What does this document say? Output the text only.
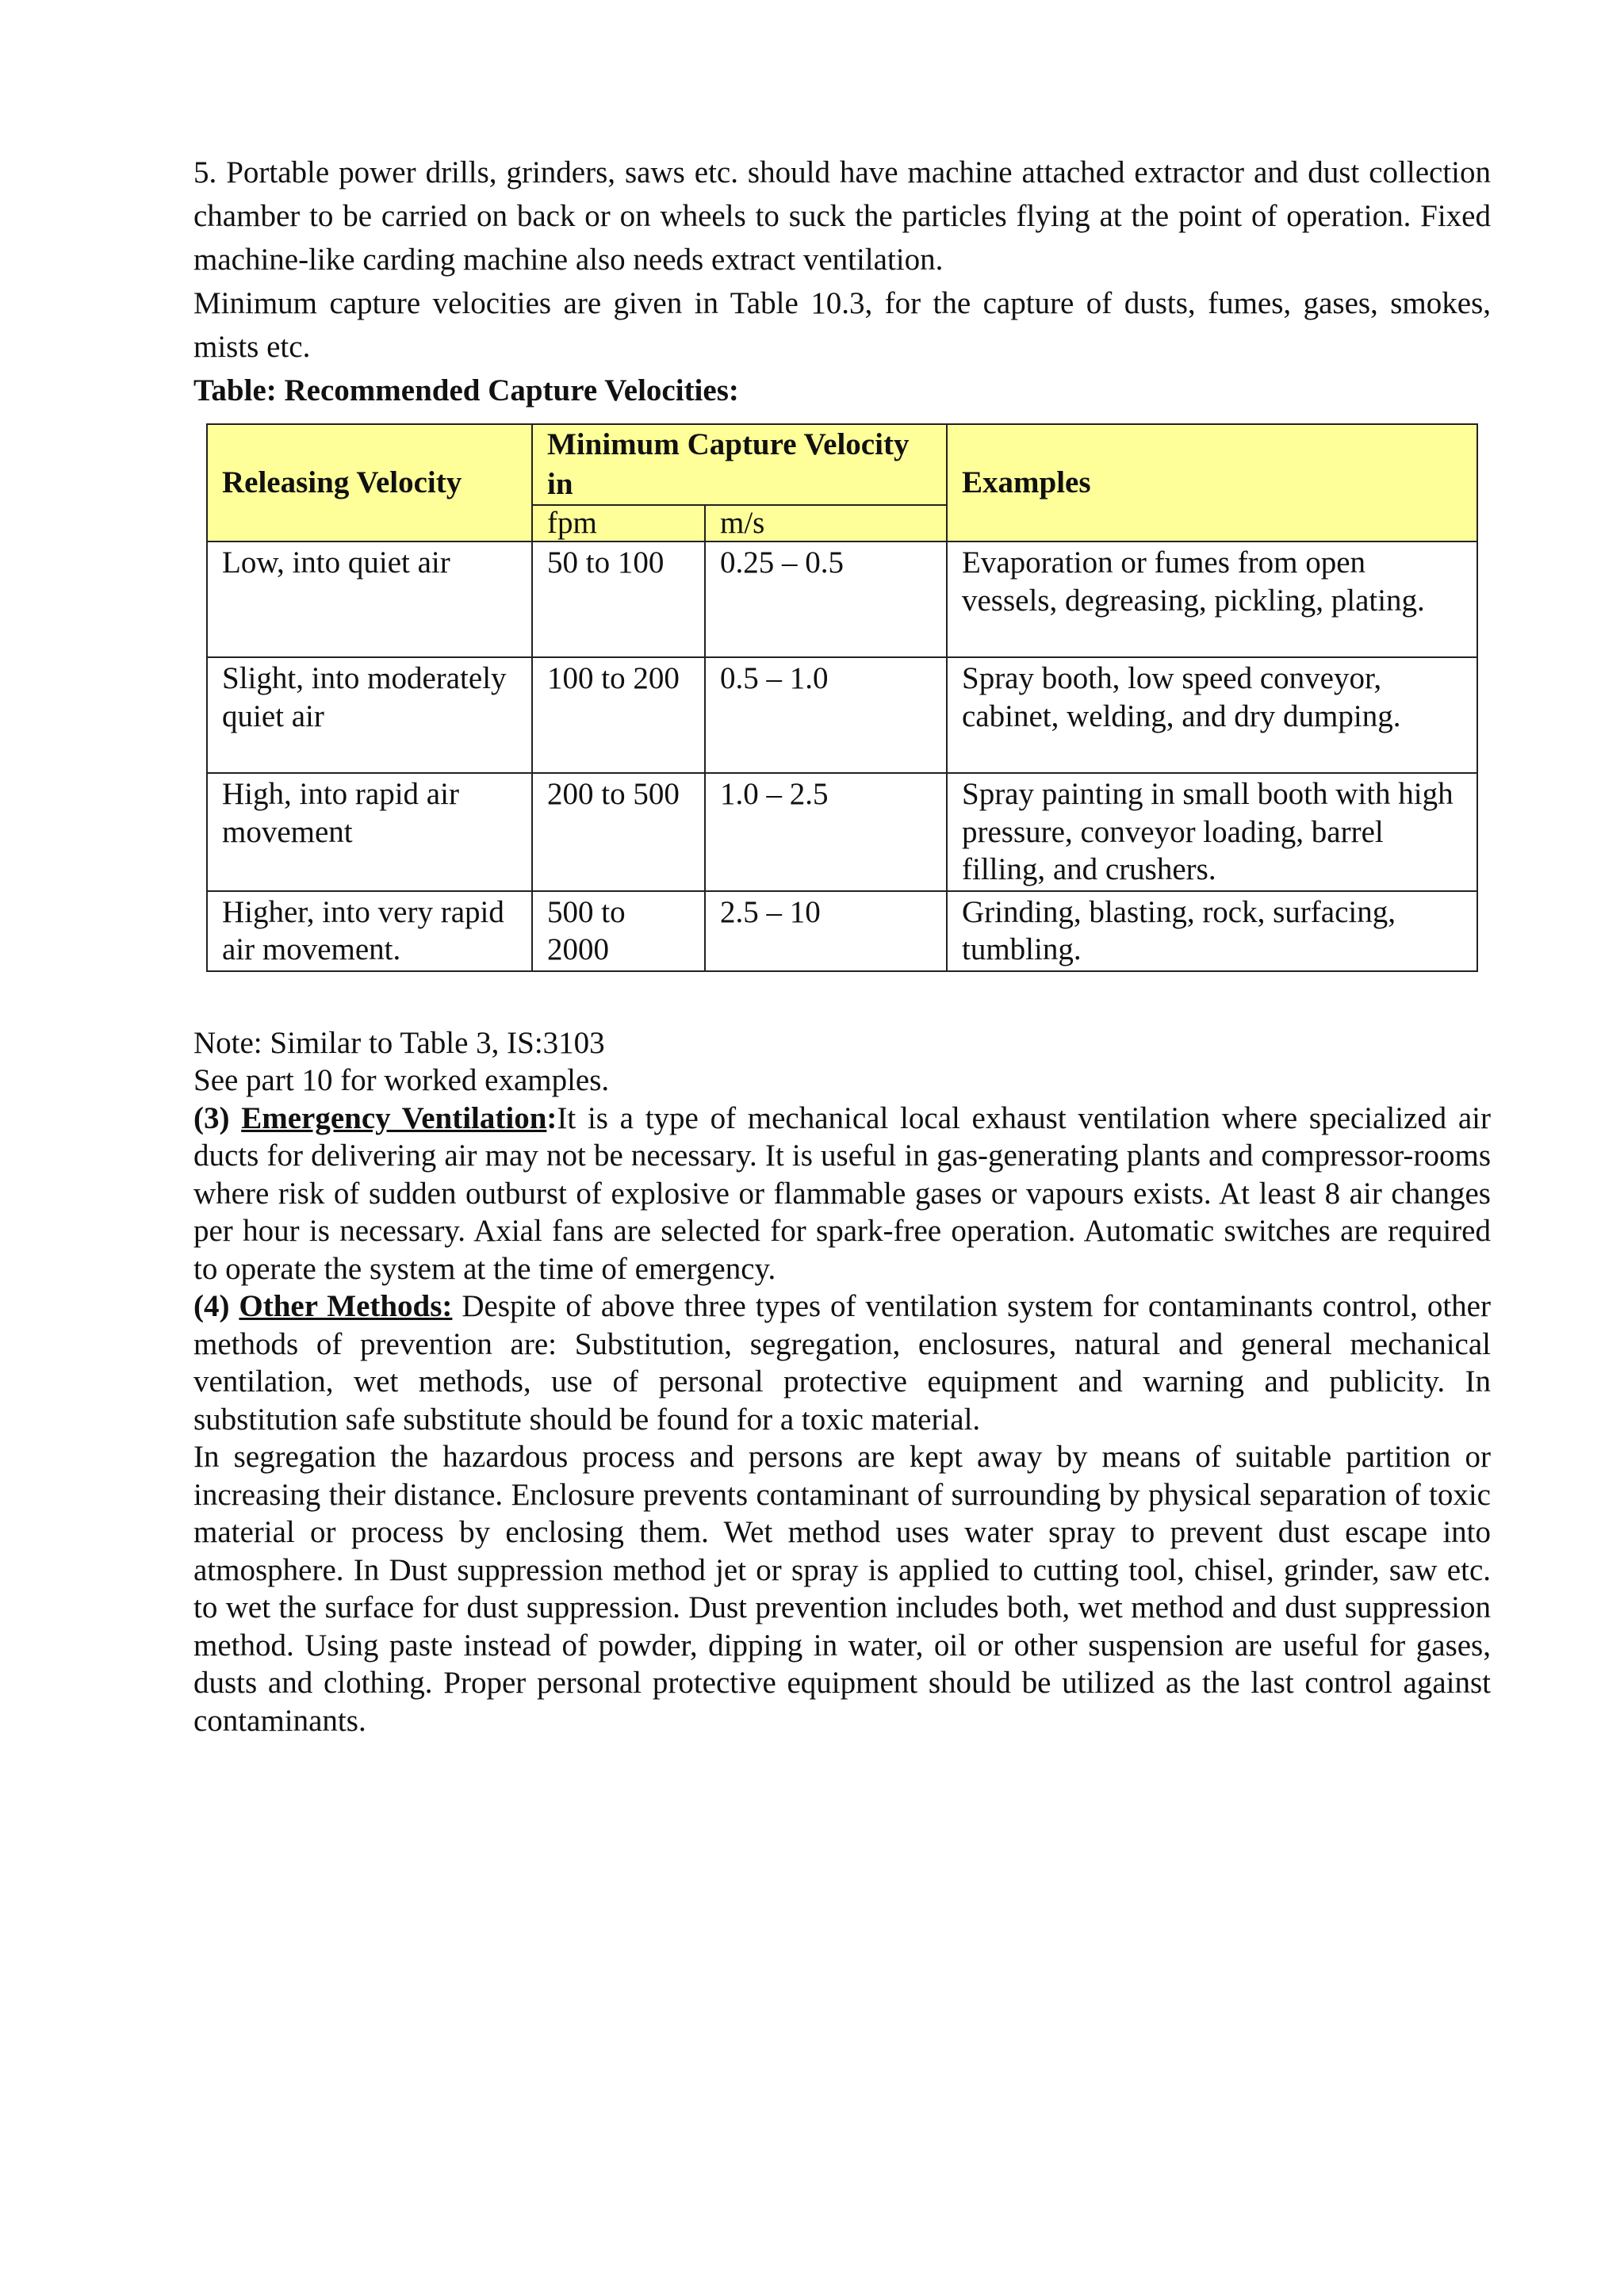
5. Portable power drills, grinders, saws etc. should have machine attached extractor and dust collection chamber to be carried on back or on wheels to suck the particles flying at the point of operation. Fixed machine-like carding machine also needs extract ventilation.

Minimum capture velocities are given in Table 10.3, for the capture of dusts, fumes, gases, smokes, mists etc.

Table: Recommended Capture Velocities:
Releasing Velocity	Minimum Capture Velocity in		Examples
	fpm	m/s	
Low, into quiet air	50 to 100	0.25 – 0.5	Evaporation or fumes from open vessels, degreasing, pickling, plating.
Slight, into moderately quiet air	100 to 200	0.5 – 1.0	Spray booth, low speed conveyor, cabinet, welding, and dry dumping.
High, into rapid air movement	200 to 500	1.0 – 2.5	Spray painting in small booth with high pressure, conveyor loading, barrel filling, and crushers.
Higher, into very rapid air movement.	500 to 2000	2.5 – 10	Grinding, blasting, rock, surfacing, tumbling.

Note: Similar to Table 3, IS:3103

See part 10 for worked examples.

(3) Emergency Ventilation:It is a type of mechanical local exhaust ventilation where specialized air ducts for delivering air may not be necessary. It is useful in gas-generating plants and compressor-rooms where risk of sudden outburst of explosive or flammable gases or vapours exists. At least 8 air changes per hour is necessary. Axial fans are selected for spark-free operation. Automatic switches are required to operate the system at the time of emergency.

(4) Other Methods: Despite of above three types of ventilation system for contaminants control, other methods of prevention are: Substitution, segregation, enclosures, natural and general mechanical ventilation, wet methods, use of personal protective equipment and warning and publicity. In substitution safe substitute should be found for a toxic material.

In segregation the hazardous process and persons are kept away by means of suitable partition or increasing their distance. Enclosure prevents contaminant of surrounding by physical separation of toxic material or process by enclosing them. Wet method uses water spray to prevent dust escape into atmosphere. In Dust suppression method jet or spray is applied to cutting tool, chisel, grinder, saw etc. to wet the surface for dust suppression. Dust prevention includes both, wet method and dust suppression method. Using paste instead of powder, dipping in water, oil or other suspension are useful for gases, dusts and clothing. Proper personal protective equipment should be utilized as the last control against contaminants.
